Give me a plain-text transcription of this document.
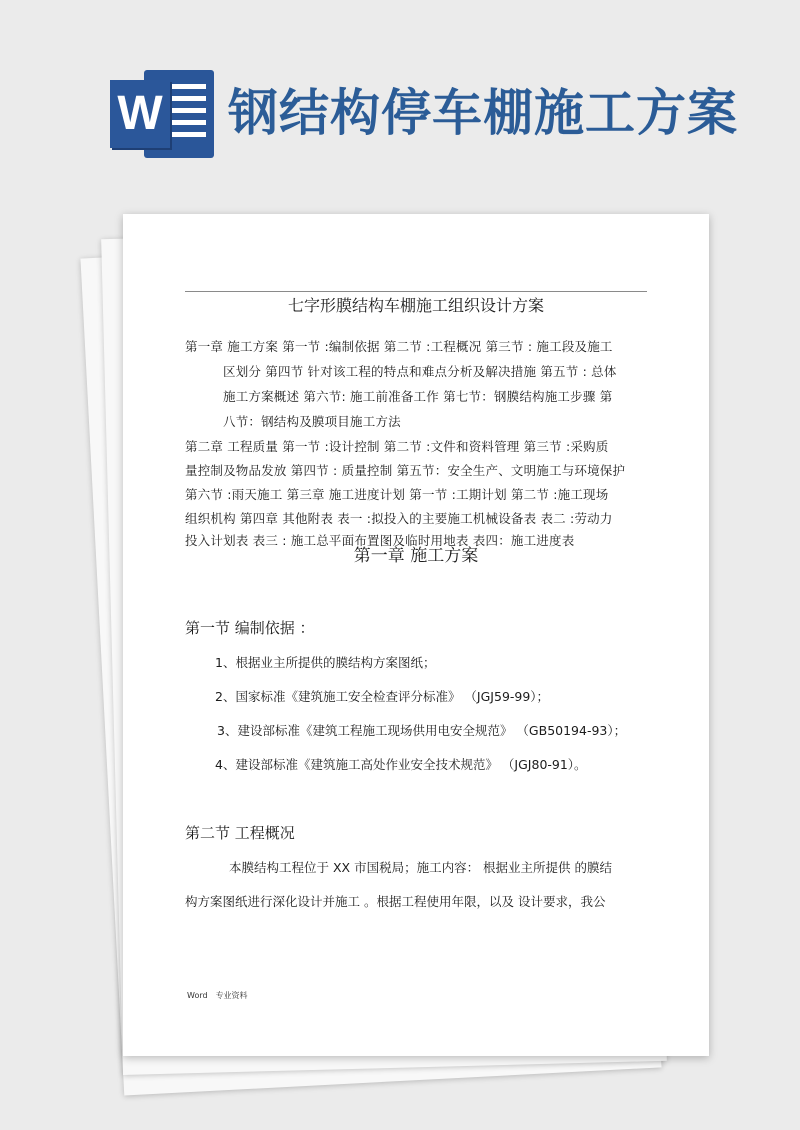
W 钢结构停车棚施工方案
七字形膜结构车棚施工组织设计方案
第一章 施工方案 第一节 :编制依据 第二节 :工程概况 第三节 : 施工段及施工
区划分 第四节 针对该工程的特点和难点分析及解决措施 第五节 : 总体
施工方案概述 第六节: 施工前准备工作 第七节：钢膜结构施工步骤 第
八节：钢结构及膜项目施工方法
第二章 工程质量 第一节 :设计控制 第二节 :文件和资料管理 第三节 :采购质
量控制及物品发放 第四节 : 质量控制 第五节：安全生产、文明施工与环境保护
第六节 :雨天施工 第三章 施工进度计划 第一节 :工期计划 第二节 :施工现场
组织机构 第四章 其他附表 表一 :拟投入的主要施工机械设备表 表二 :劳动力
投入计划表 表三 : 施工总平面布置图及临时用地表 表四：施工进度表
第一章 施工方案
第一节 编制依据 ：
1、根据业主所提供的膜结构方案图纸；
2、国家标准《建筑施工安全检查评分标准》 （JGJ59-99）；
3、建设部标准《建筑工程施工现场供用电安全规范》 （GB50194-93）；
4、建设部标准《建筑施工高处作业安全技术规范》 （JGJ80-91）。
第二节 工程概况
本膜结构工程位于 XX 市国税局；施工内容： 根据业主所提供 的膜结
构方案图纸进行深化设计并施工 。根据工程使用年限，以及 设计要求，我公
Word 专业资料
